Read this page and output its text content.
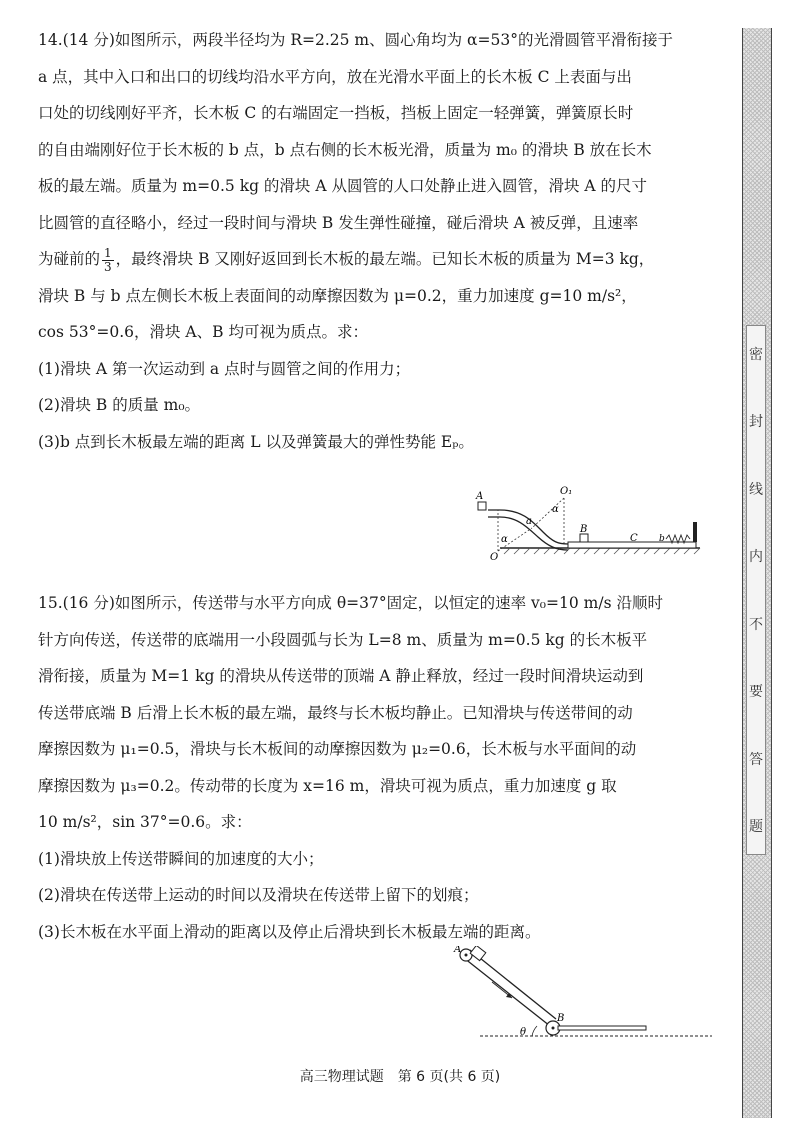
14.(14 分)如图所示，两段半径均为 R=2.25 m、圆心角均为 α=53°的光滑圆管平滑衔接于

a 点，其中入口和出口的切线均沿水平方向，放在光滑水平面上的长木板 C 上表面与出

口处的切线刚好平齐，长木板 C 的右端固定一挡板，挡板上固定一轻弹簧，弹簧原长时

的自由端刚好位于长木板的 b 点，b 点右侧的长木板光滑，质量为 m₀ 的滑块 B 放在长木

板的最左端。质量为 m=0.5 kg 的滑块 A 从圆管的人口处静止进入圆管，滑块 A 的尺寸

比圆管的直径略小，经过一段时间与滑块 B 发生弹性碰撞，碰后滑块 A 被反弹，且速率

为碰前的 $\frac{1}{3}$ ，最终滑块 B 又刚好返回到长木板的最左端。已知长木板的质量为 M=3 kg，

滑块 B 与 b 点左侧长木板上表面间的动摩擦因数为 μ=0.2，重力加速度 g=10 m/s²，

cos 53°=0.6，滑块 A、B 均可视为质点。求：

(1)滑块 A 第一次运动到 a 点时与圆管之间的作用力；

(2)滑块 B 的质量 m₀。

(3)b 点到长木板最左端的距离 L 以及弹簧最大的弹性势能 Eₚ。

A	O₁
α
a
α
O
B
C b

15.(16 分)如图所示，传送带与水平方向成 θ=37°固定，以恒定的速率 v₀=10 m/s 沿顺时

针方向传送，传送带的底端用一小段圆弧与长为 L=8 m、质量为 m=0.5 kg 的长木板平

滑衔接，质量为 M=1 kg 的滑块从传送带的顶端 A 静止释放，经过一段时间滑块运动到

传送带底端 B 后滑上长木板的最左端，最终与长木板均静止。已知滑块与传送带间的动

摩擦因数为 μ₁=0.5，滑块与长木板间的动摩擦因数为 μ₂=0.6，长木板与水平面间的动

摩擦因数为 μ₃=0.2。传动带的长度为 x=16 m，滑块可视为质点，重力加速度 g 取

10 m/s²，sin 37°=0.6。求：

(1)滑块放上传送带瞬间的加速度的大小；

(2)滑块在传送带上运动的时间以及滑块在传送带上留下的划痕；

(3)长木板在水平面上滑动的距离以及停止后滑块到长木板最左端的距离。

A
B
θ
密
封
线
内
不
要
答
题
高三物理试题　第 6 页(共 6 页)
